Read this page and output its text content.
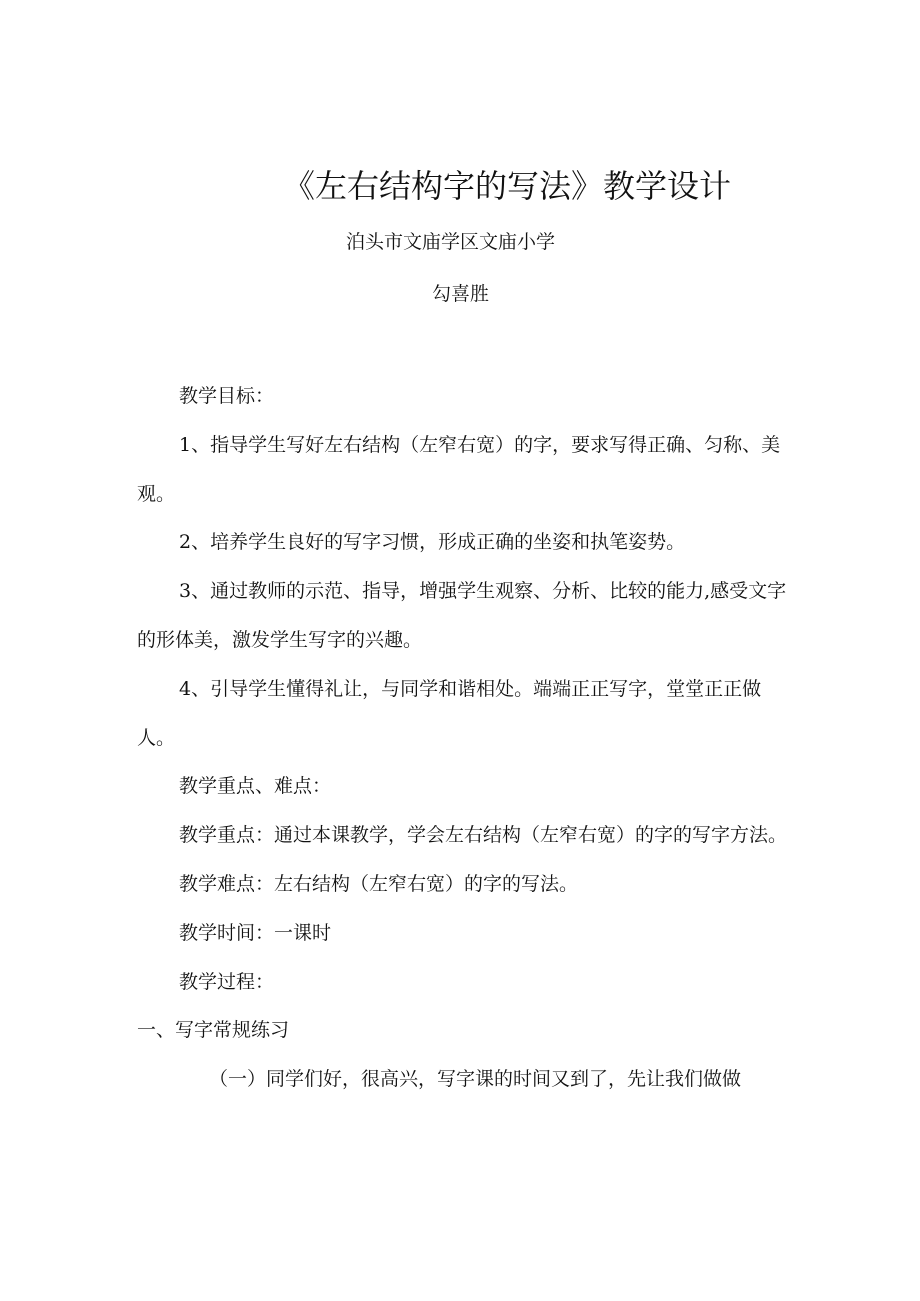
《左右结构字的写法》教学设计
泊头市文庙学区文庙小学
勾喜胜

教学目标：

1、指导学生写好左右结构（左窄右宽）的字，要求写得正确、匀称、美观。

2、培养学生良好的写字习惯，形成正确的坐姿和执笔姿势。

3、通过教师的示范、指导，增强学生观察、分析、比较的能力,感受文字的形体美，激发学生写字的兴趣。

4、引导学生懂得礼让，与同学和谐相处。端端正正写字，堂堂正正做人。

教学重点、难点：

教学重点：通过本课教学，学会左右结构（左窄右宽）的字的写字方法。

教学难点：左右结构（左窄右宽）的字的写法。

教学时间：一课时

教学过程：

一、写字常规练习

（一）同学们好，很高兴，写字课的时间又到了，先让我们做做
